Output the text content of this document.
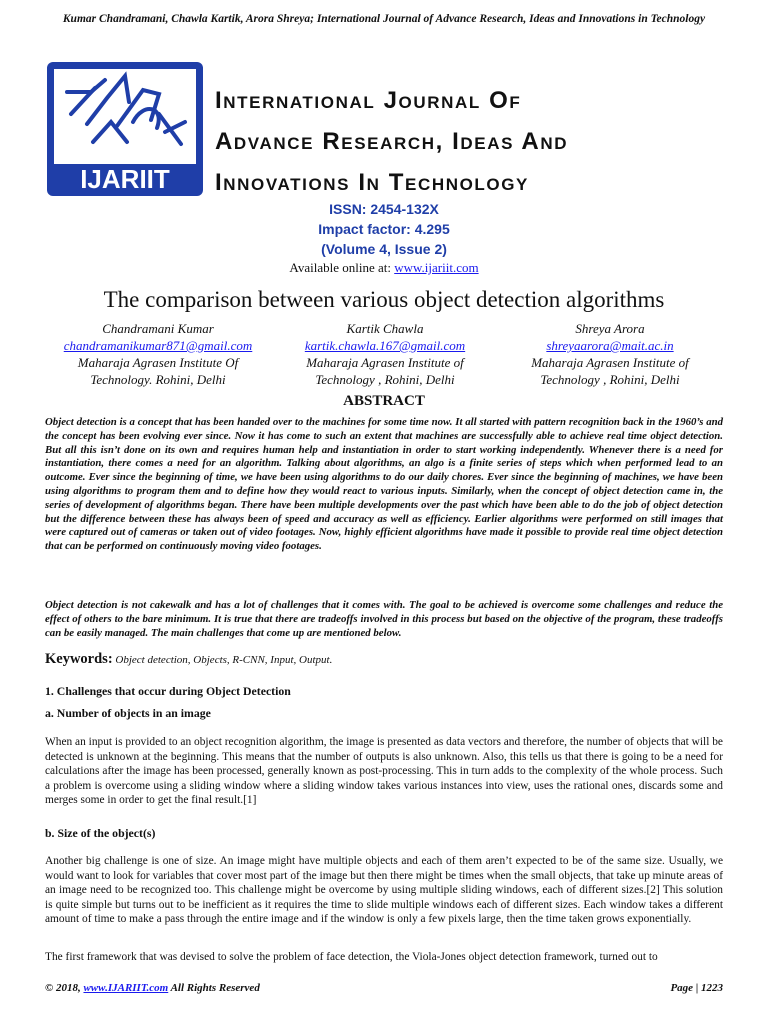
Kumar Chandramani, Chawla Kartik, Arora Shreya; International Journal of Advance Research, Ideas and Innovations in Technology
IJARIIT
International Journal Of
Advance Research, Ideas And
Innovations In Technology
ISSN: 2454-132X
Impact factor: 4.295
(Volume 4, Issue 2)
Available online at: www.ijariit.com
The comparison between various object detection algorithms
Chandramani Kumar
chandramanikumar871@gmail.com
Maharaja Agrasen Institute Of
Technology. Rohini, Delhi
Kartik Chawla
kartik.chawla.167@gmail.com
Maharaja Agrasen Institute of
Technology , Rohini, Delhi
Shreya Arora
shreyaarora@mait.ac.in
Maharaja Agrasen Institute of
Technology , Rohini, Delhi
ABSTRACT
Object detection is a concept that has been handed over to the machines for some time now. It all started with pattern recognition back in the 1960’s and the concept has been evolving ever since. Now it has come to such an extent that machines are successfully able to achieve real time object detection. But all this isn’t done on its own and requires human help and instantiation in order to start working independently. Whenever there is a need for instantiation, there comes a need for an algorithm. Talking about algorithms, an algo is a finite series of steps which when performed lead to an outcome. Ever since the beginning of time, we have been using algorithms to do our daily chores. Ever since the beginning of machines, we have been using algorithms to program them and to define how they would react to various inputs. Similarly, when the concept of object detection came in, the series of development of algorithms began. There have been multiple developments over the past which have been able to do the job of object detection but the difference between these has always been of speed and accuracy as well as efficiency. Earlier algorithms were performed on still images that were captured out of cameras or taken out of video footages. Now, highly efficient algorithms have made it possible to provide real time object detection that can be performed on continuously moving video footages.
Object detection is not cakewalk and has a lot of challenges that it comes with. The goal to be achieved is overcome some challenges and reduce the effect of others to the bare minimum. It is true that there are tradeoffs involved in this process but based on the objective of the program, these tradeoffs can be easily managed. The main challenges that come up are mentioned below.
Keywords: Object detection, Objects, R-CNN, Input, Output.
1. Challenges that occur during Object Detection
a. Number of objects in an image
When an input is provided to an object recognition algorithm, the image is presented as data vectors and therefore, the number of objects that will be detected is unknown at the beginning. This means that the number of outputs is also unknown. Also, this tells us that there is going to be a need for calculations after the image has been processed, generally known as post-processing. This in turn adds to the complexity of the whole process. Such a problem is overcome using a sliding window where a sliding window takes various instances into view, uses the rational ones, discards some and merges some in order to get the final result.[1]
b. Size of the object(s)
Another big challenge is one of size. An image might have multiple objects and each of them aren’t expected to be of the same size. Usually, we would want to look for variables that cover most part of the image but then there might be times when the small objects, that take up minute areas of an image need to be recognized too. This challenge might be overcome by using multiple sliding windows, each of different sizes.[2] This solution is quite simple but turns out to be inefficient as it requires the time to slide multiple windows each of different sizes. Each window takes a different amount of time to make a pass through the entire image and if the window is only a few pixels large, then the time taken grows exponentially.
The first framework that was devised to solve the problem of face detection, the Viola-Jones object detection framework, turned out to
© 2018, www.IJARIIT.com All Rights Reserved	Page | 1223
